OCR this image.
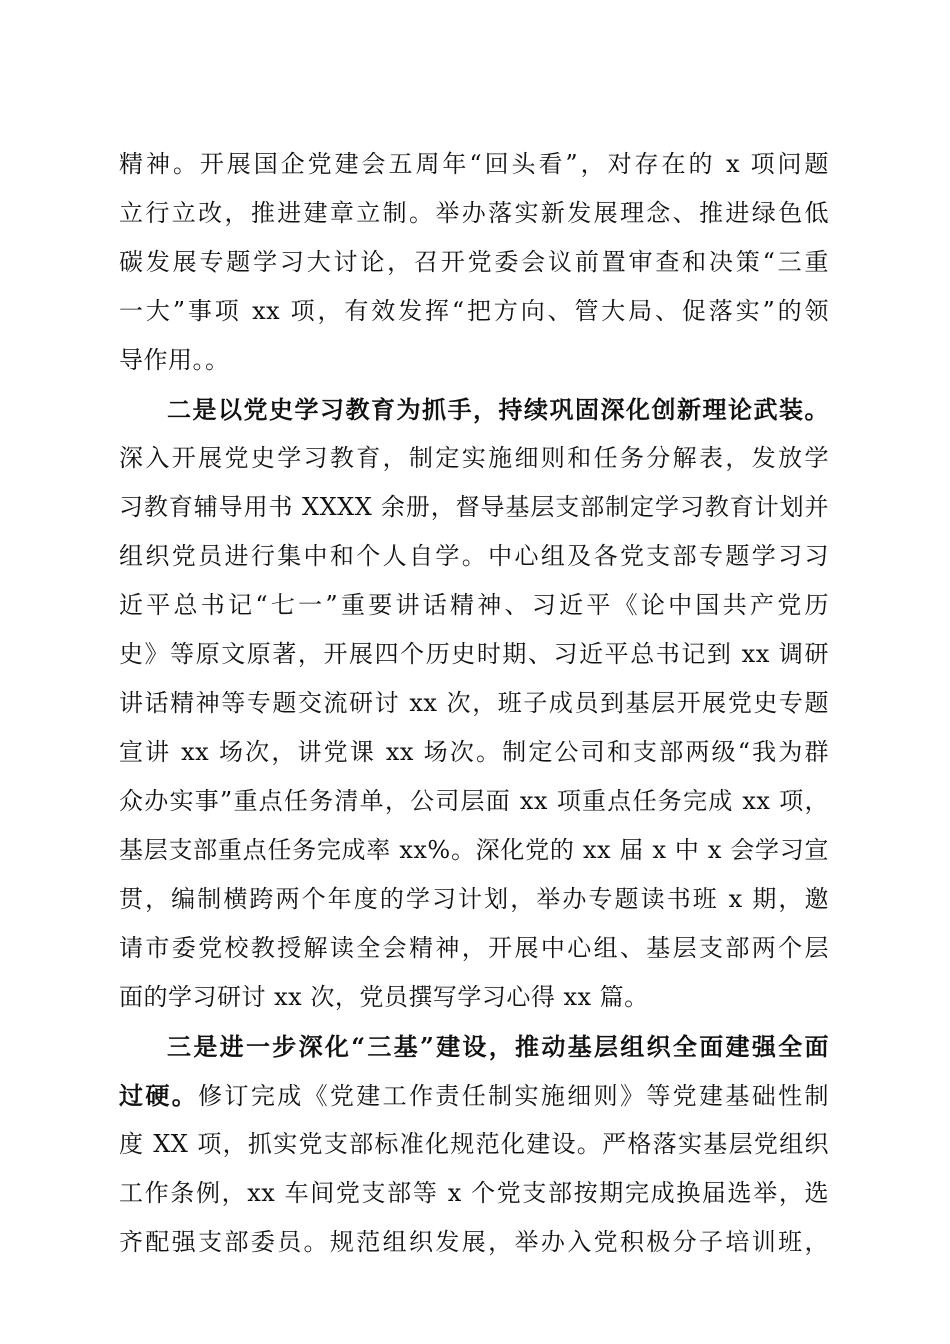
精神。开展国企党建会五周年“回头看”，对存在的 x 项问题
立行立改，推进建章立制。举办落实新发展理念、推进绿色低
碳发展专题学习大讨论，召开党委会议前置审查和决策“三重
一大”事项 xx 项，有效发挥“把方向、管大局、促落实”的领
导作用。。
二是以党史学习教育为抓手，持续巩固深化创新理论武装。
深入开展党史学习教育，制定实施细则和任务分解表，发放学
习教育辅导用书 XXXX 余册，督导基层支部制定学习教育计划并
组织党员进行集中和个人自学。中心组及各党支部专题学习习
近平总书记“七一”重要讲话精神、习近平《论中国共产党历
史》等原文原著，开展四个历史时期、习近平总书记到 xx 调研
讲话精神等专题交流研讨 xx 次，班子成员到基层开展党史专题
宣讲 xx 场次，讲党课 xx 场次。制定公司和支部两级“我为群
众办实事”重点任务清单，公司层面 xx 项重点任务完成 xx 项，
基层支部重点任务完成率 xx%。深化党的 xx 届 x 中 x 会学习宣
贯，编制横跨两个年度的学习计划，举办专题读书班 x 期，邀
请市委党校教授解读全会精神，开展中心组、基层支部两个层
面的学习研讨 xx 次，党员撰写学习心得 xx 篇。
三是进一步深化“三基”建设，推动基层组织全面建强全面
过硬。修订完成《党建工作责任制实施细则》等党建基础性制
度 XX 项，抓实党支部标准化规范化建设。严格落实基层党组织
工作条例，xx 车间党支部等 x 个党支部按期完成换届选举，选
齐配强支部委员。规范组织发展，举办入党积极分子培训班，
